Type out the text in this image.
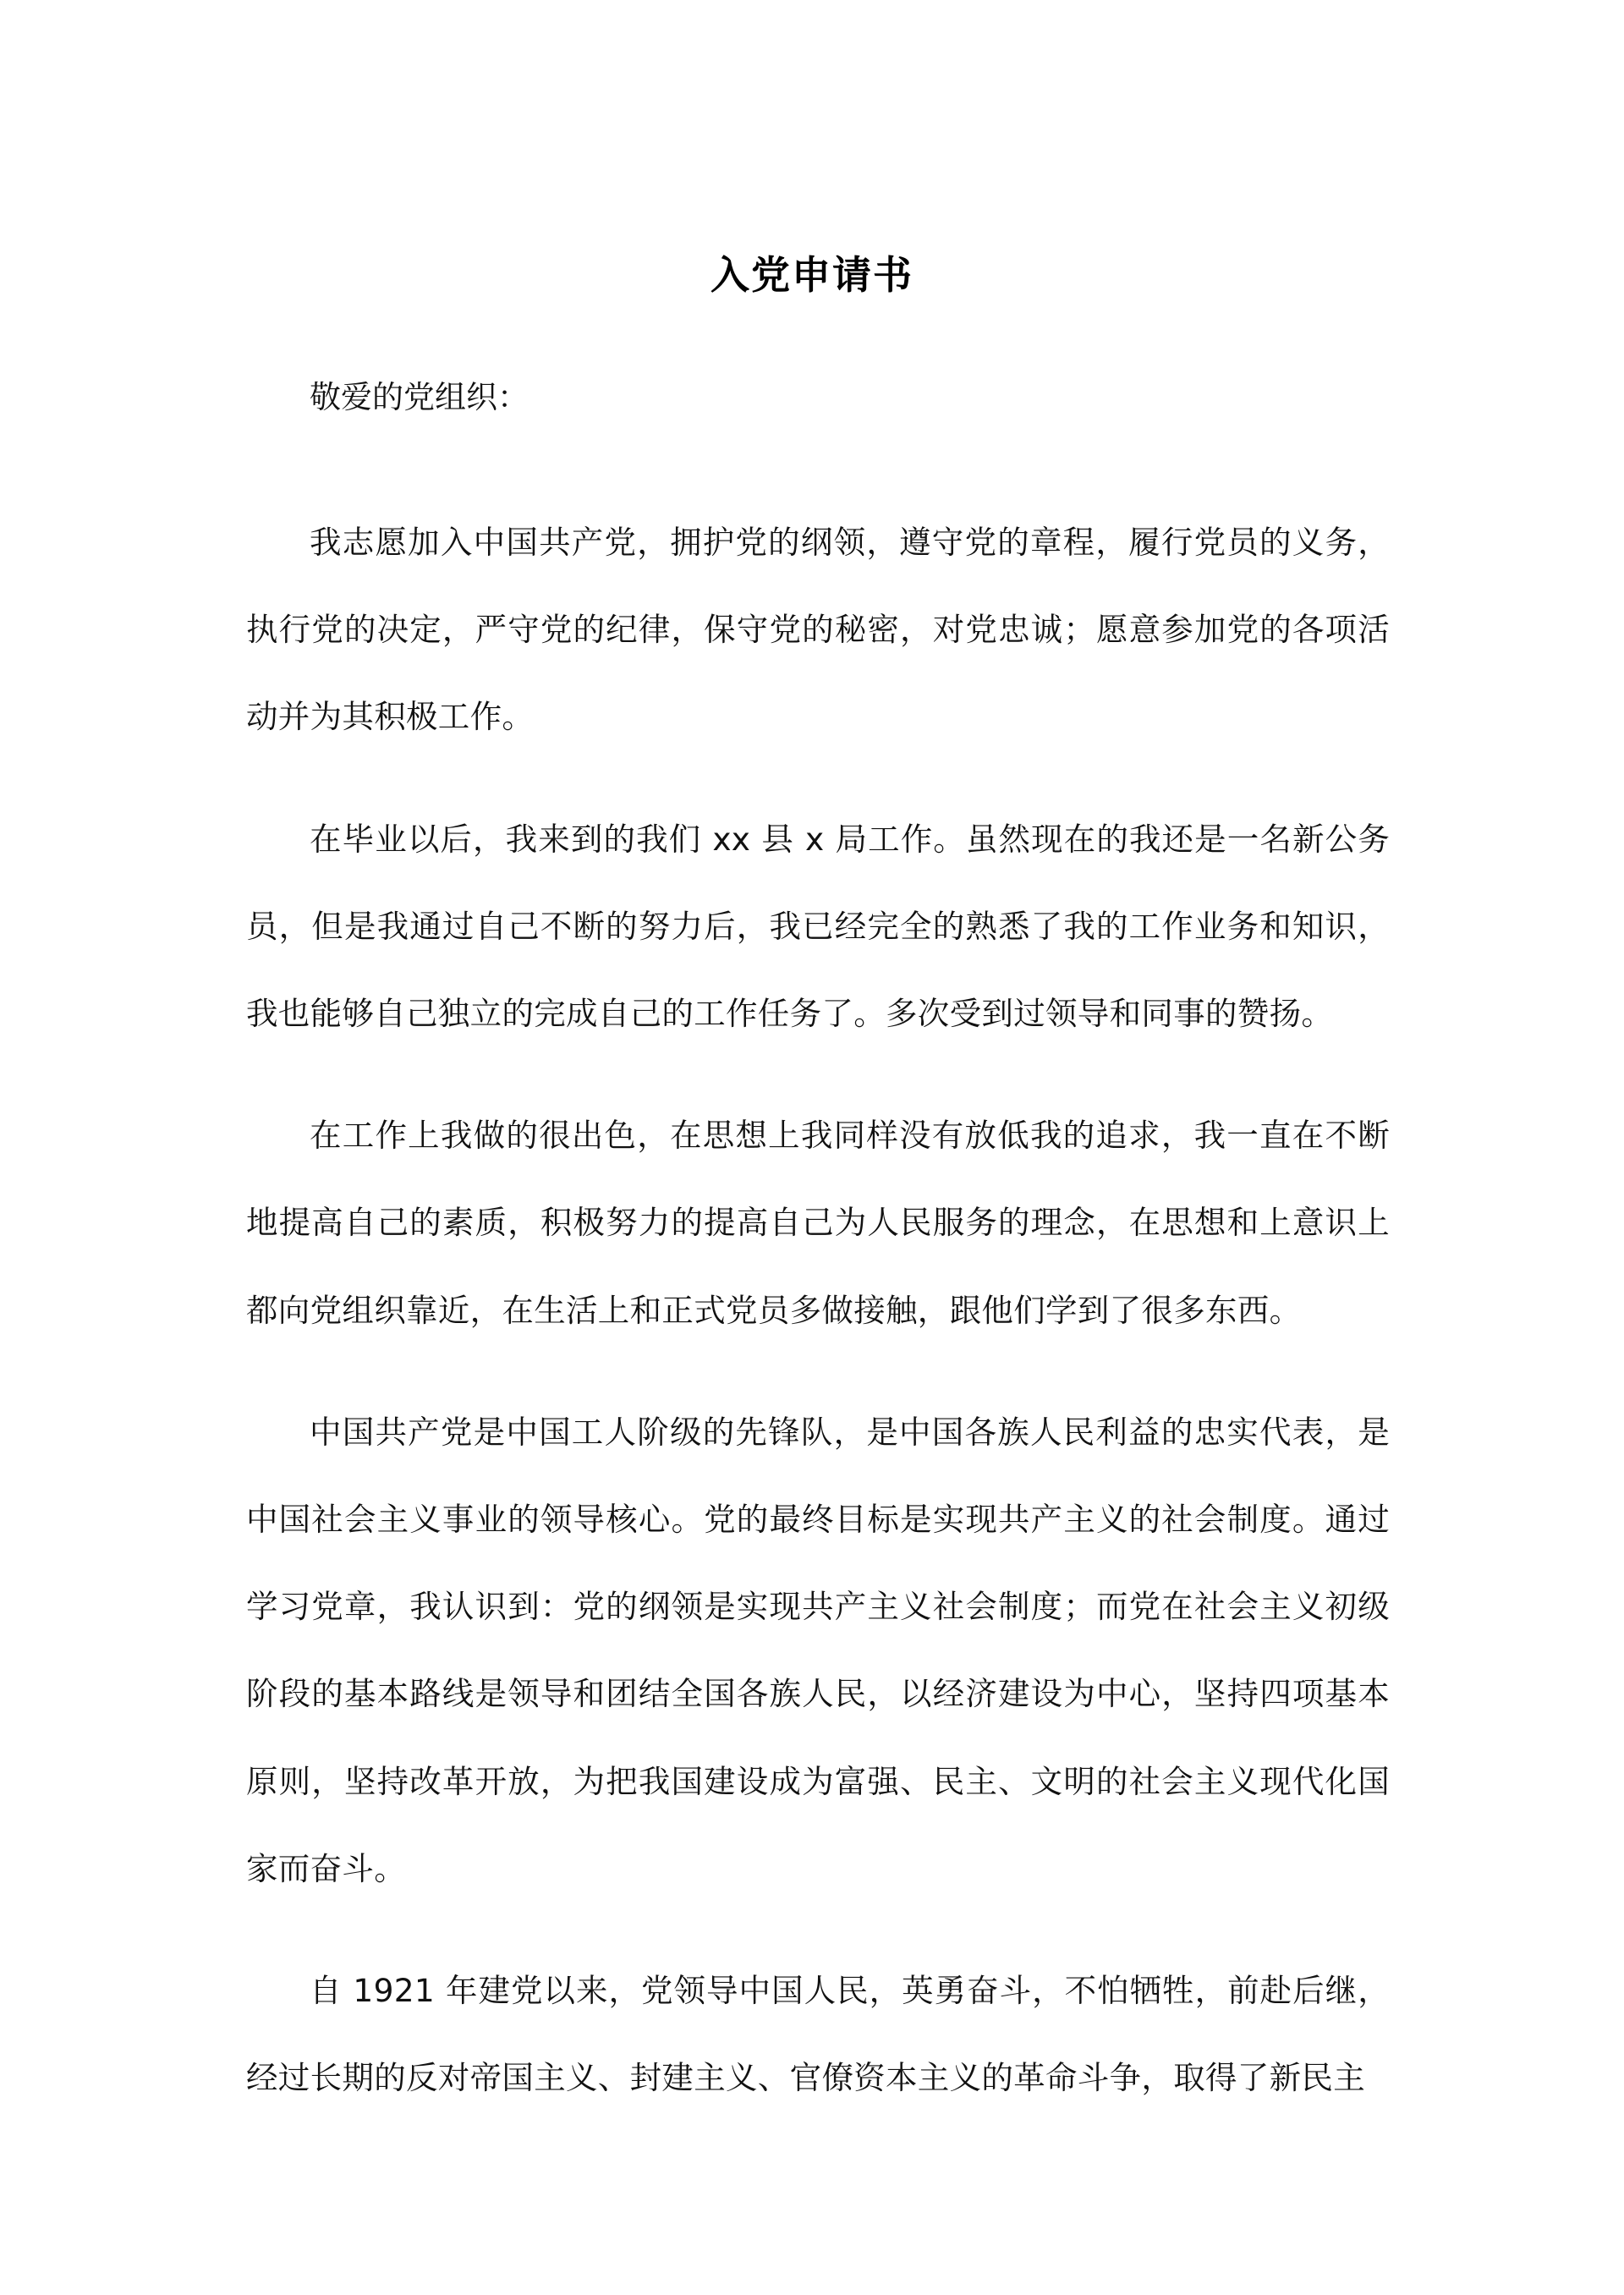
入党申请书
敬爱的党组织：

我志愿加入中国共产党，拥护党的纲领，遵守党的章程，履行党员的义务，执行党的决定，严守党的纪律，保守党的秘密，对党忠诚；愿意参加党的各项活动并为其积极工作。

在毕业以后，我来到的我们 xx 县 x 局工作。虽然现在的我还是一名新公务员，但是我通过自己不断的努力后，我已经完全的熟悉了我的工作业务和知识，我也能够自己独立的完成自己的工作任务了。多次受到过领导和同事的赞扬。

在工作上我做的很出色，在思想上我同样没有放低我的追求，我一直在不断地提高自己的素质，积极努力的提高自己为人民服务的理念，在思想和上意识上都向党组织靠近，在生活上和正式党员多做接触，跟他们学到了很多东西。

中国共产党是中国工人阶级的先锋队，是中国各族人民利益的忠实代表，是中国社会主义事业的领导核心。党的最终目标是实现共产主义的社会制度。通过学习党章，我认识到：党的纲领是实现共产主义社会制度；而党在社会主义初级阶段的基本路线是领导和团结全国各族人民，以经济建设为中心，坚持四项基本原则，坚持改革开放，为把我国建设成为富强、民主、文明的社会主义现代化国家而奋斗。

自 1921 年建党以来，党领导中国人民，英勇奋斗，不怕牺牲，前赴后继，经过长期的反对帝国主义、封建主义、官僚资本主义的革命斗争，取得了新民主
